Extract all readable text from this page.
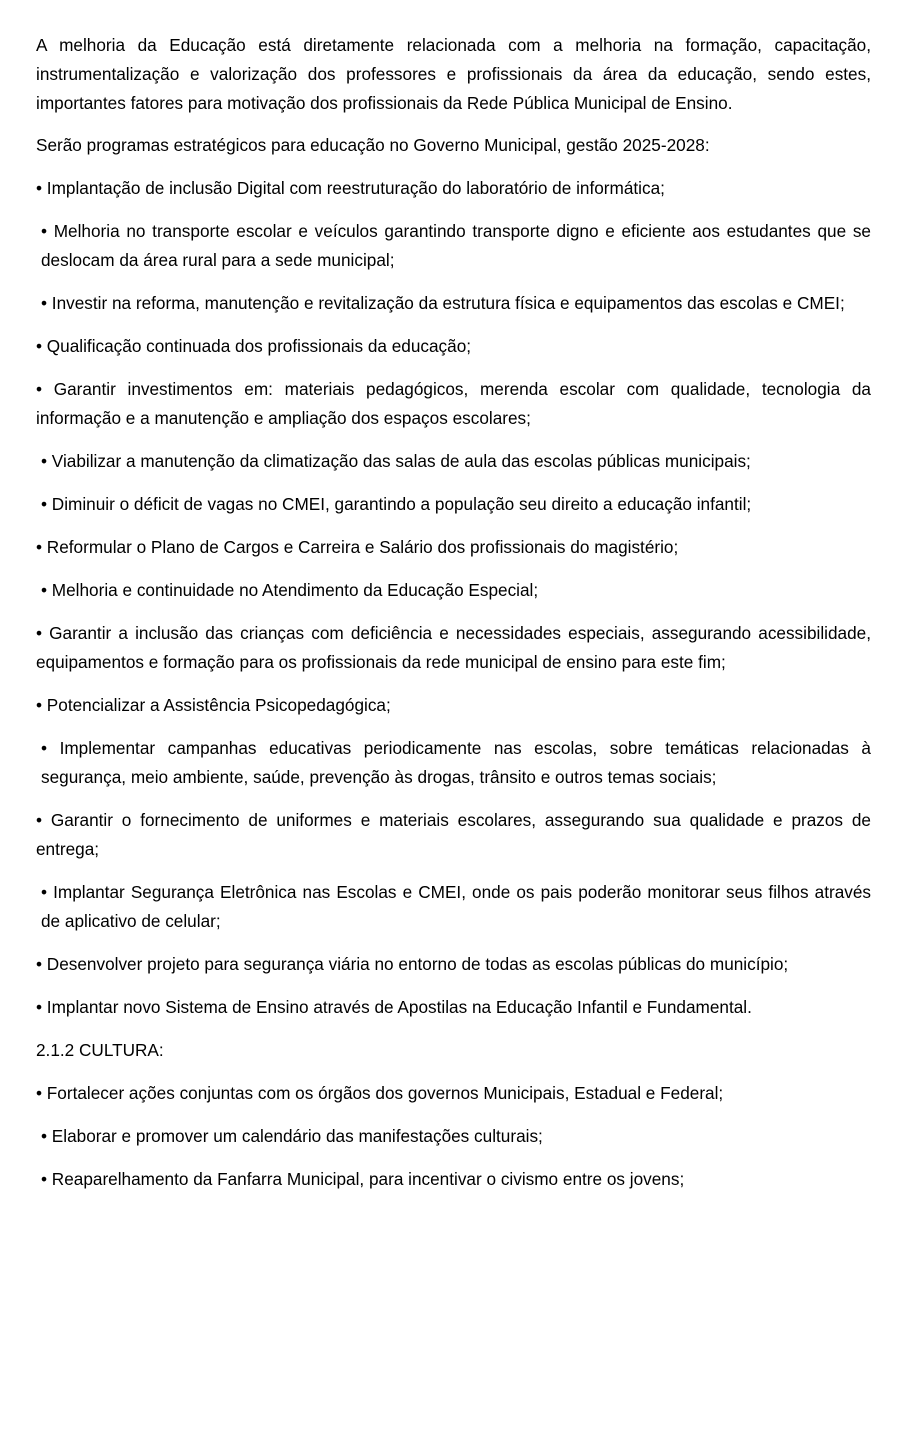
A melhoria da Educação está diretamente relacionada com a melhoria na formação, capacitação, instrumentalização e valorização dos professores e profissionais da área da educação, sendo estes, importantes fatores para motivação dos profissionais da Rede Pública Municipal de Ensino.

Serão programas estratégicos para educação no Governo Municipal, gestão 2025-2028:

• Implantação de inclusão Digital com reestruturação do laboratório de informática;

• Melhoria no transporte escolar e veículos garantindo transporte digno e eficiente aos estudantes que se deslocam da área rural para a sede municipal;

• Investir na reforma, manutenção e revitalização da estrutura física e equipamentos das escolas e CMEI;

• Qualificação continuada dos profissionais da educação;

• Garantir investimentos em: materiais pedagógicos, merenda escolar com qualidade, tecnologia da informação e a manutenção e ampliação dos espaços escolares;

• Viabilizar a manutenção da climatização das salas de aula das escolas públicas municipais;

• Diminuir o déficit de vagas no CMEI, garantindo a população seu direito a educação infantil;

• Reformular o Plano de Cargos e Carreira e Salário dos profissionais do magistério;

• Melhoria e continuidade no Atendimento da Educação Especial;

• Garantir a inclusão das crianças com deficiência e necessidades especiais, assegurando acessibilidade, equipamentos e formação para os profissionais da rede municipal de ensino para este fim;

• Potencializar a Assistência Psicopedagógica;

• Implementar campanhas educativas periodicamente nas escolas, sobre temáticas relacionadas à segurança, meio ambiente, saúde, prevenção às drogas, trânsito e outros temas sociais;

• Garantir o fornecimento de uniformes e materiais escolares, assegurando sua qualidade e prazos de entrega;

• Implantar Segurança Eletrônica nas Escolas e CMEI, onde os pais poderão monitorar seus filhos através de aplicativo de celular;

• Desenvolver projeto para segurança viária no entorno de todas as escolas públicas do município;

• Implantar novo Sistema de Ensino através de Apostilas na Educação Infantil e Fundamental.

2.1.2 CULTURA:

• Fortalecer ações conjuntas com os órgãos dos governos Municipais, Estadual e Federal;

• Elaborar e promover um calendário das manifestações culturais;

• Reaparelhamento da Fanfarra Municipal, para incentivar o civismo entre os jovens;
